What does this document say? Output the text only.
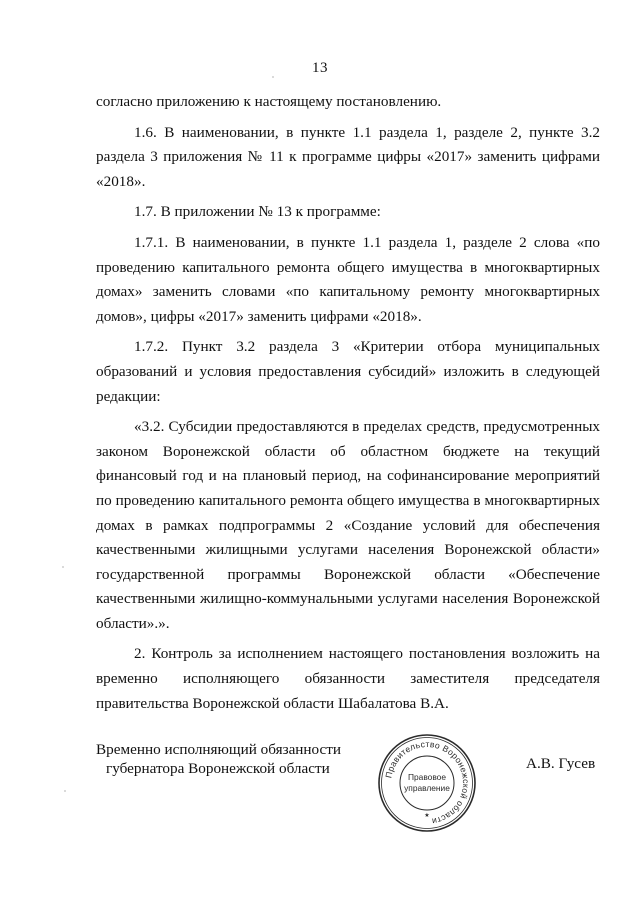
13

согласно приложению к настоящему постановлению.

1.6. В наименовании, в пункте 1.1 раздела 1, разделе 2, пункте 3.2 раздела 3 приложения № 11 к программе цифры «2017» заменить цифрами «2018».

1.7. В приложении № 13 к программе:

1.7.1. В наименовании, в пункте 1.1 раздела 1, разделе 2 слова «по проведению капитального ремонта общего имущества в многоквартирных домах» заменить словами «по капитальному ремонту многоквартирных домов», цифры «2017» заменить цифрами «2018».

1.7.2. Пункт 3.2 раздела 3 «Критерии отбора муниципальных образований и условия предоставления субсидий» изложить в следующей редакции:

«3.2. Субсидии предоставляются в пределах средств, предусмотренных законом Воронежской области об областном бюджете на текущий финансовый год и на плановый период, на софинансирование мероприятий по проведению капитального ремонта общего имущества в многоквартирных домах в рамках подпрограммы 2 «Создание условий для обеспечения качественными жилищными услугами населения Воронежской области» государственной программы Воронежской области «Обеспечение качественными жилищно-коммунальными услугами населения Воронежской области».».

2. Контроль за исполнением настоящего постановления возложить на временно исполняющего обязанности заместителя председателя правительства Воронежской области Шабалатова В.А.

Временно исполняющий обязанности
губернатора Воронежской области	Правительство Воронежской области
Правовое
управление
★
А.В. Гусев
